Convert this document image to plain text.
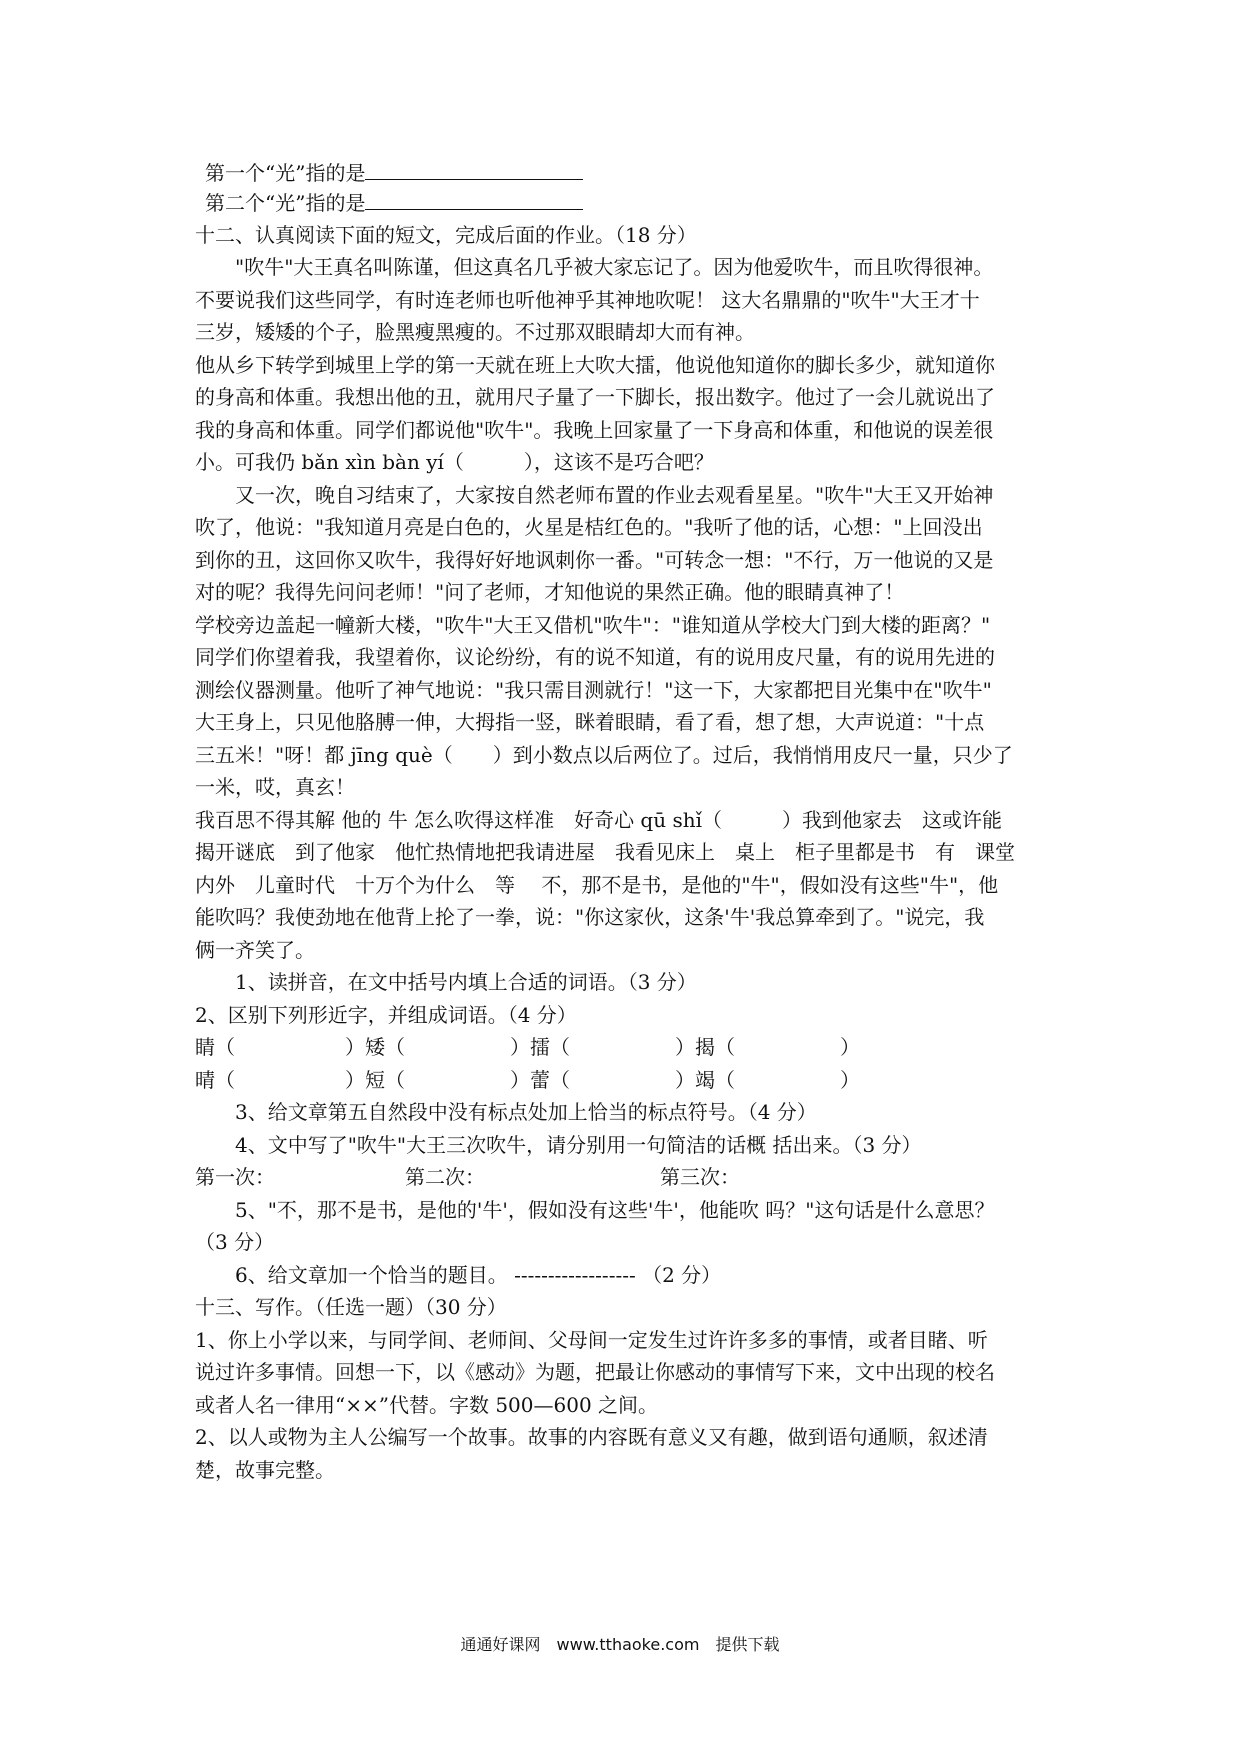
第一个“光”指的是
第二个“光”指的是
十二、认真阅读下面的短文，完成后面的作业。（18 分）
"吹牛"大王真名叫陈谨，但这真名几乎被大家忘记了。因为他爱吹牛，而且吹得很神。
不要说我们这些同学，有时连老师也听他神乎其神地吹呢！ 这大名鼎鼎的"吹牛"大王才十
三岁，矮矮的个子，脸黑瘦黑瘦的。不过那双眼睛却大而有神。
他从乡下转学到城里上学的第一天就在班上大吹大擂，他说他知道你的脚长多少，就知道你
的身高和体重。我想出他的丑，就用尺子量了一下脚长，报出数字。他过了一会儿就说出了
我的身高和体重。同学们都说他"吹牛"。我晚上回家量了一下身高和体重，和他说的误差很
小。可我仍 bǎn xìn bàn yí（　　　），这该不是巧合吧？
又一次，晚自习结束了，大家按自然老师布置的作业去观看星星。"吹牛"大王又开始神
吹了，他说："我知道月亮是白色的，火星是桔红色的。"我听了他的话，心想："上回没出
到你的丑，这回你又吹牛，我得好好地讽刺你一番。"可转念一想："不行，万一他说的又是
对的呢？我得先问问老师！"问了老师，才知他说的果然正确。他的眼睛真神了！
学校旁边盖起一幢新大楼，"吹牛"大王又借机"吹牛"："谁知道从学校大门到大楼的距离？"
同学们你望着我，我望着你，议论纷纷，有的说不知道，有的说用皮尺量，有的说用先进的
测绘仪器测量。他听了神气地说："我只需目测就行！"这一下，大家都把目光集中在"吹牛"
大王身上，只见他胳膊一伸，大拇指一竖，眯着眼睛，看了看，想了想，大声说道："十点
三五米！"呀！都 jīng què（　　）到小数点以后两位了。过后，我悄悄用皮尺一量，只少了
一米，哎，真玄！
我百思不得其解 他的 牛 怎么吹得这样准　好奇心 qū shǐ（　　　）我到他家去　这或许能
揭开谜底　到了他家　他忙热情地把我请进屋　我看见床上　桌上　柜子里都是书　有　课堂
内外　儿童时代　十万个为什么　等　 不，那不是书，是他的"牛"，假如没有这些"牛"，他
能吹吗？我使劲地在他背上抡了一拳，说："你这家伙，这条'牛'我总算牵到了。"说完，我
俩一齐笑了。
1、读拼音，在文中括号内填上合适的词语。（3 分）
2、区别下列形近字，并组成词语。（4 分）
睛（	）矮（	）擂（	）揭（	）
晴（	）短（	）蕾（	）竭（	）
3、给文章第五自然段中没有标点处加上恰当的标点符号。（4 分）
4、文中写了"吹牛"大王三次吹牛，请分别用一句简洁的话概 括出来。（3 分）
第一次：	第二次：	第三次：
5、"不，那不是书，是他的'牛'，假如没有这些'牛'，他能吹 吗？"这句话是什么意思？
（3 分）
6、给文章加一个恰当的题目。 ------------------ （2 分）
十三、写作。（任选一题）（30 分）
1、你上小学以来，与同学间、老师间、父母间一定发生过许许多多的事情，或者目睹、听
说过许多事情。回想一下，以《感动》为题，把最让你感动的事情写下来，文中出现的校名
或者人名一律用“××”代替。字数 500—600 之间。
2、以人或物为主人公编写一个故事。故事的内容既有意义又有趣，做到语句通顺，叙述清
楚，故事完整。
通通好课网　www.tthaoke.com　提供下载
